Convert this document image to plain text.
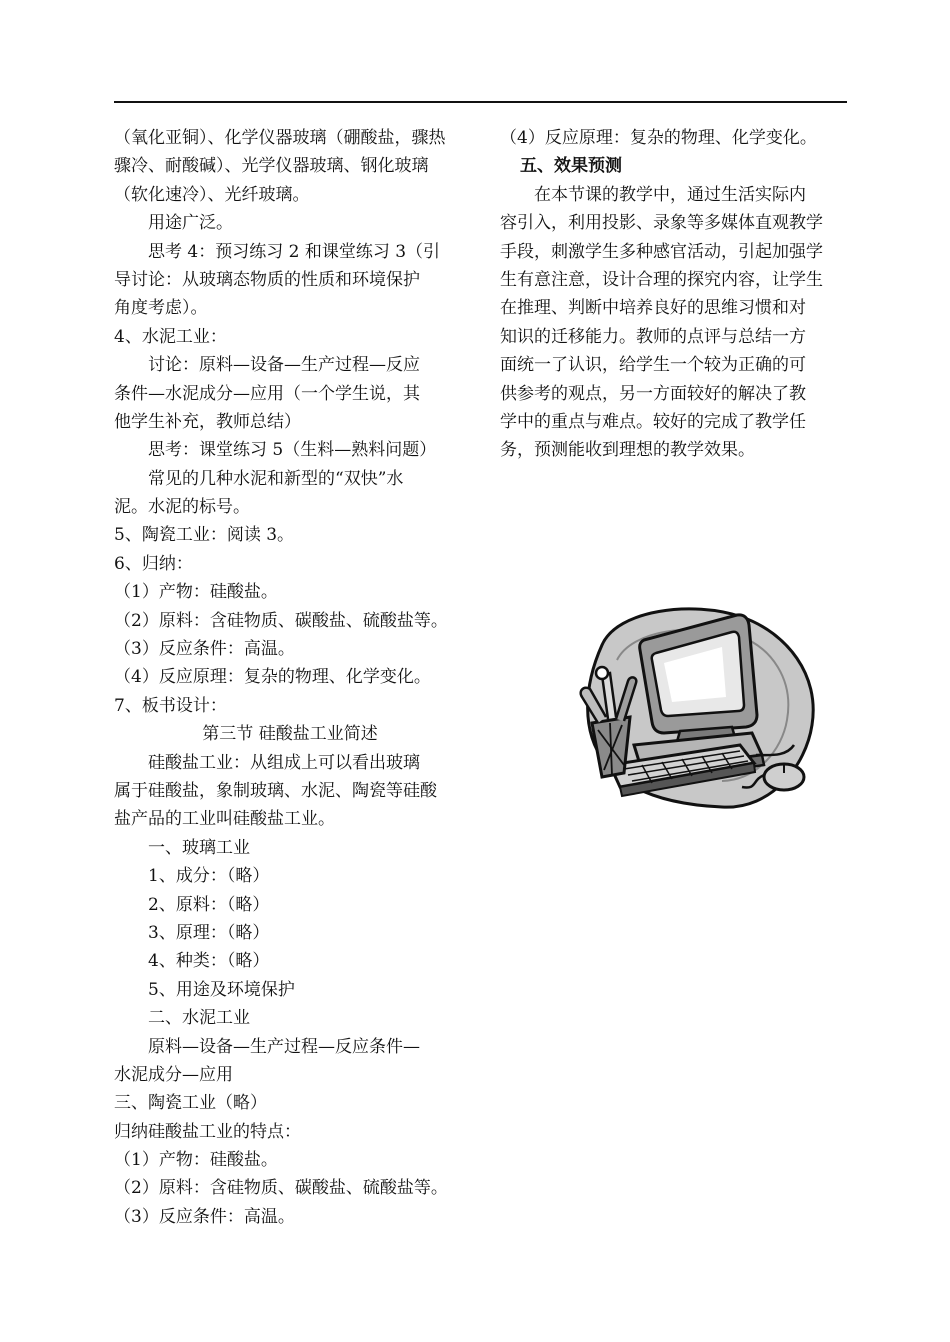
（氧化亚铜）、化学仪器玻璃（硼酸盐，骤热
骤冷、耐酸碱）、光学仪器玻璃、钢化玻璃
（软化速冷）、光纤玻璃。
用途广泛。
思考 4：预习练习 2 和课堂练习 3（引
导讨论：从玻璃态物质的性质和环境保护
角度考虑）。
4、水泥工业：
讨论：原料—设备—生产过程—反应
条件—水泥成分—应用（一个学生说，其
他学生补充，教师总结）
思考：课堂练习 5（生料—熟料问题）
常见的几种水泥和新型的“双快”水
泥。水泥的标号。
5、陶瓷工业：阅读 3。
6、归纳：
（1）产物：硅酸盐。
（2）原料：含硅物质、碳酸盐、硫酸盐等。
（3）反应条件：高温。
（4）反应原理：复杂的物理、化学变化。
7、板书设计：
第三节 硅酸盐工业简述
硅酸盐工业：从组成上可以看出玻璃
属于硅酸盐，象制玻璃、水泥、陶瓷等硅酸
盐产品的工业叫硅酸盐工业。
一、玻璃工业
1、成分：（略）
2、原料：（略）
3、原理：（略）
4、种类：（略）
5、用途及环境保护
二、水泥工业
原料—设备—生产过程—反应条件—
水泥成分—应用
三、陶瓷工业（略）
归纳硅酸盐工业的特点：
（1）产物：硅酸盐。
（2）原料：含硅物质、碳酸盐、硫酸盐等。
（3）反应条件：高温。
（4）反应原理：复杂的物理、化学变化。
五、效果预测
在本节课的教学中，通过生活实际内
容引入，利用投影、录象等多媒体直观教学
手段，刺激学生多种感官活动，引起加强学
生有意注意，设计合理的探究内容，让学生
在推理、判断中培养良好的思维习惯和对
知识的迁移能力。教师的点评与总结一方
面统一了认识，给学生一个较为正确的可
供参考的观点，另一方面较好的解决了教
学中的重点与难点。较好的完成了教学任
务，预测能收到理想的教学效果。
